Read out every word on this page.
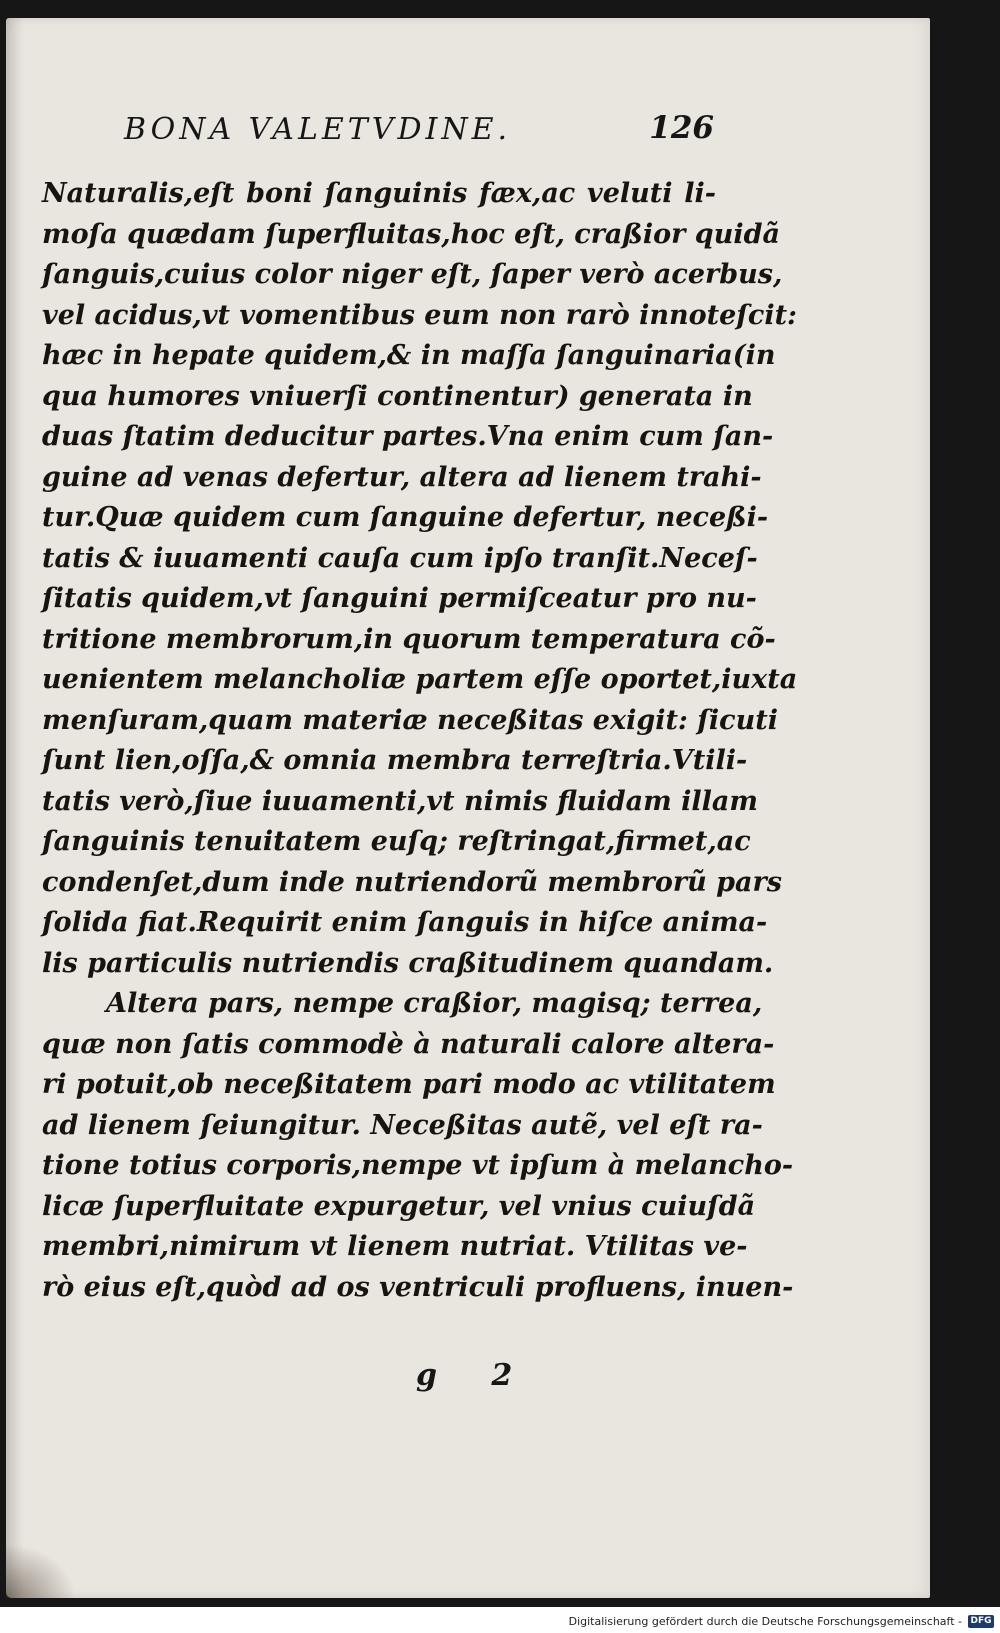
BONA VALETVDINE.	126
Naturalis,eſt boni ſanguinis fæx,ac veluti li-
moſa quædam ſuperfluitas,hoc eſt, craßior quidã
ſanguis,cuius color niger eſt, ſaper verò acerbus,
vel acidus,vt vomentibus eum non rarò innoteſcit:
hæc in hepate quidem,& in maſſa ſanguinaria(in
qua humores vniuerſi continentur) generata in
duas ſtatim deducitur partes.Vna enim cum ſan-
guine ad venas defertur, altera ad lienem trahi-
tur.Quæ quidem cum ſanguine defertur, neceßi-
tatis & iuuamenti cauſa cum ipſo tranſit.Neceſ-
ſitatis quidem,vt ſanguini permiſceatur pro nu-
tritione membrorum,in quorum temperatura cõ-
uenientem melancholiæ partem eſſe oportet,iuxta
menſuram,quam materiæ neceßitas exigit: ſicuti
ſunt lien,oſſa,& omnia membra terreſtria.Vtili-
tatis verò,ſiue iuuamenti,vt nimis fluidam illam
ſanguinis tenuitatem euſq; reſtringat,firmet,ac
condenſet,dum inde nutriendorũ membrorũ pars
ſolida fiat.Requirit enim ſanguis in hiſce anima-
lis particulis nutriendis craßitudinem quandam.
Altera pars, nempe craßior, magisq; terrea,
quæ non ſatis commodè à naturali calore altera-
ri potuit,ob neceßitatem pari modo ac vtilitatem
ad lienem ſeiungitur. Neceßitas autẽ, vel eſt ra-
tione totius corporis,nempe vt ipſum à melancho-
licæ ſuperfluitate expurgetur, vel vnius cuiuſdã
membri,nimirum vt lienem nutriat. Vtilitas ve-
rò eius eſt,quòd ad os ventriculi profluens, inuen-
g 2
Digitalisierung gefördert durch die Deutsche Forschungsgemeinschaft - DFG
